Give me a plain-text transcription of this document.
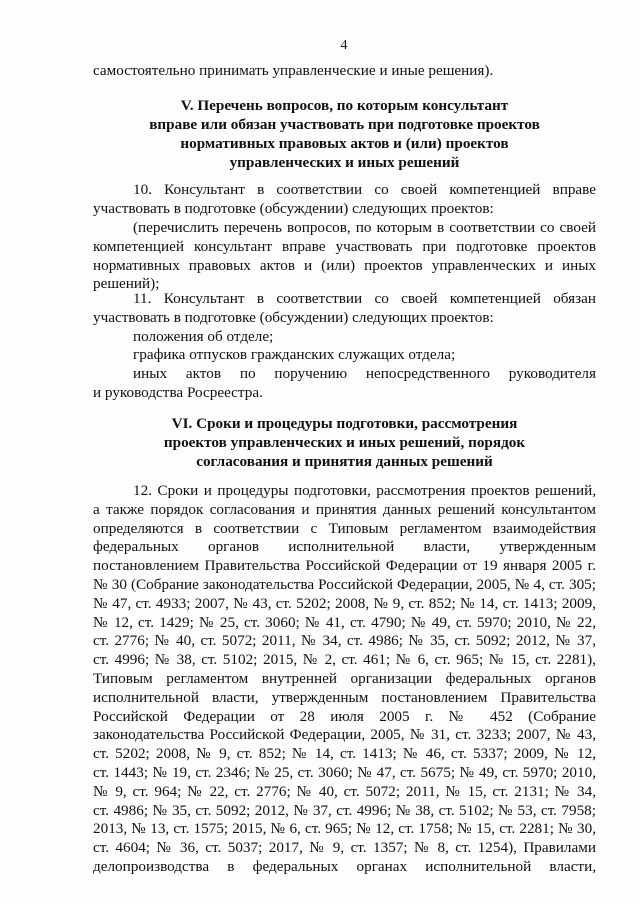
4
самостоятельно принимать управленческие и иные решения).
V. Перечень вопросов, по которым консультант
вправе или обязан участвовать при подготовке проектов
нормативных правовых актов и (или) проектов
управленческих и иных решений
10. Консультант в соответствии со своей компетенцией вправе
участвовать в подготовке (обсуждении) следующих проектов:
(перечислить перечень вопросов, по которым в соответствии со своей
компетенцией консультант вправе участвовать при подготовке проектов
нормативных правовых актов и (или) проектов управленческих и иных
решений);
11. Консультант в соответствии со своей компетенцией обязан
участвовать в подготовке (обсуждении) следующих проектов:
положения об отделе;
графика отпусков гражданских служащих отдела;
иных актов по поручению непосредственного руководителя
и руководства Росреестра.
VI. Сроки и процедуры подготовки, рассмотрения
проектов управленческих и иных решений, порядок
согласования и принятия данных решений
12. Сроки и процедуры подготовки, рассмотрения проектов решений,
а также порядок согласования и принятия данных решений консультантом
определяются в соответствии с Типовым регламентом взаимодействия
федеральных органов исполнительной власти, утвержденным
постановлением Правительства Российской Федерации от 19 января 2005 г.
№ 30 (Собрание законодательства Российской Федерации, 2005, № 4, ст. 305;
№ 47, ст. 4933; 2007, № 43, ст. 5202; 2008, № 9, ст. 852; № 14, ст. 1413; 2009,
№ 12, ст. 1429; № 25, ст. 3060; № 41, ст. 4790; № 49, ст. 5970; 2010, № 22,
ст. 2776; № 40, ст. 5072; 2011, № 34, ст. 4986; № 35, ст. 5092; 2012, № 37,
ст. 4996; № 38, ст. 5102; 2015, № 2, ст. 461; № 6, ст. 965; № 15, ст. 2281),
Типовым регламентом внутренней организации федеральных органов
исполнительной власти, утвержденным постановлением Правительства
Российской Федерации от 28 июля 2005 г. № 452 (Собрание
законодательства Российской Федерации, 2005, № 31, ст. 3233; 2007, № 43,
ст. 5202; 2008, № 9, ст. 852; № 14, ст. 1413; № 46, ст. 5337; 2009, № 12,
ст. 1443; № 19, ст. 2346; № 25, ст. 3060; № 47, ст. 5675; № 49, ст. 5970; 2010,
№ 9, ст. 964; № 22, ст. 2776; № 40, ст. 5072; 2011, № 15, ст. 2131; № 34,
ст. 4986; № 35, ст. 5092; 2012, № 37, ст. 4996; № 38, ст. 5102; № 53, ст. 7958;
2013, № 13, ст. 1575; 2015, № 6, ст. 965; № 12, ст. 1758; № 15, ст. 2281; № 30,
ст. 4604; № 36, ст. 5037; 2017, № 9, ст. 1357; № 8, ст. 1254), Правилами
делопроизводства в федеральных органах исполнительной власти,
